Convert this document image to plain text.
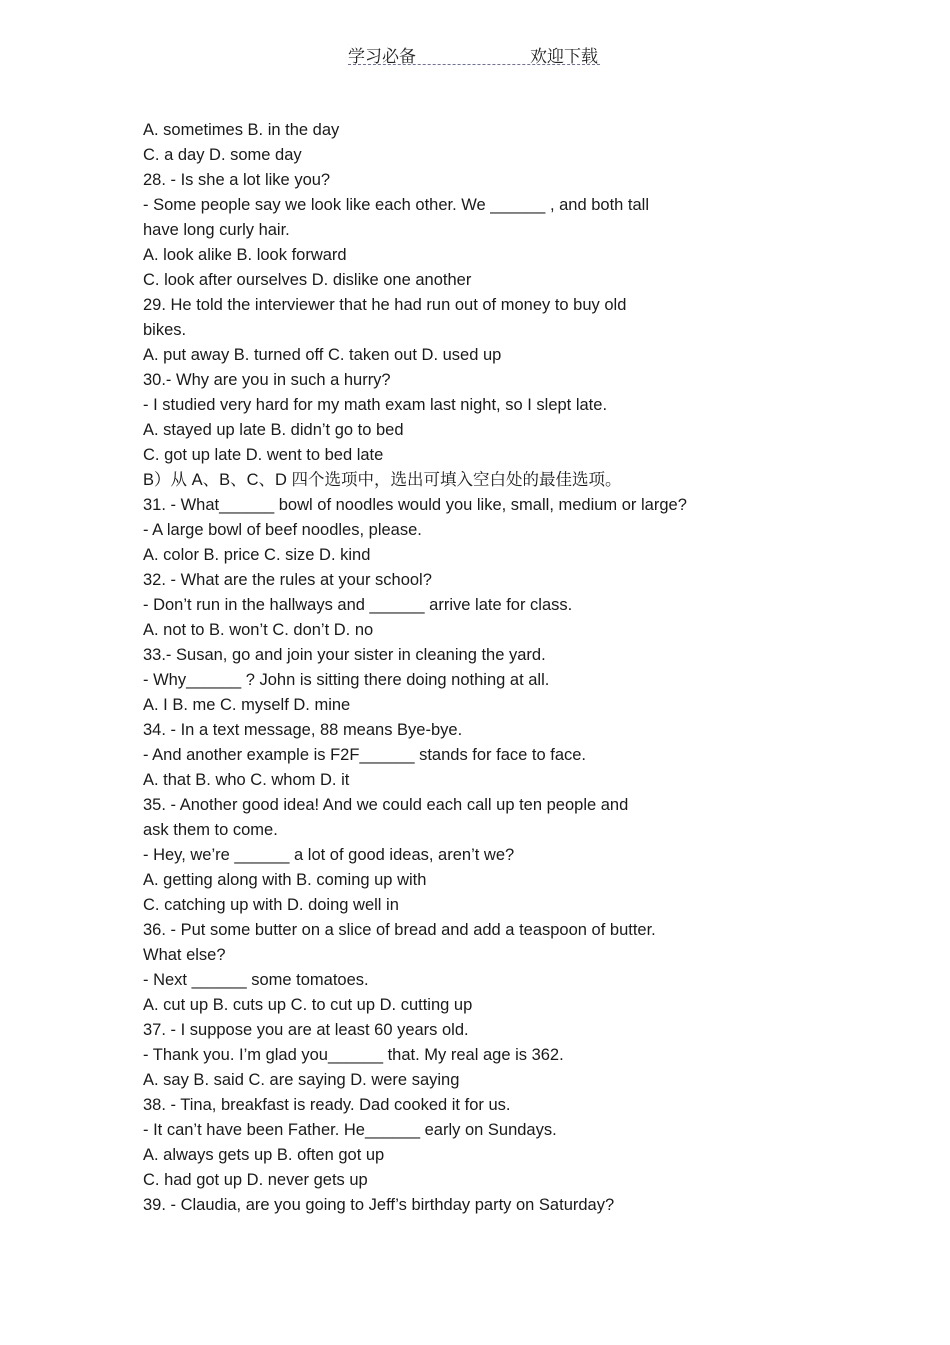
学习必备	欢迎下载
A. sometimes B. in the day
C. a day D. some day
28. - Is she a lot like you?
- Some people say we look like each other. We ______ , and both tall
have long curly hair.
A. look alike B. look forward
C. look after ourselves D. dislike one another
29. He told the interviewer that he had run out of money to buy old
bikes.
A. put away B. turned off C. taken out D. used up
30.- Why are you in such a hurry?
- I studied very hard for my math exam last night, so I slept late.
A. stayed up late B. didn’t go to bed
C. got up late D. went to bed late
B）从 A、B、C、D 四个选项中，选出可填入空白处的最佳选项。
31. - What______ bowl of noodles would you like, small, medium or large?
- A large bowl of beef noodles, please.
A. color B. price C. size D. kind
32. - What are the rules at your school?
- Don’t run in the hallways and ______ arrive late for class.
A. not to B. won’t C. don’t D. no
33.- Susan, go and join your sister in cleaning the yard.
- Why______ ? John is sitting there doing nothing at all.
A. I B. me C. myself D. mine
34. - In a text message, 88 means Bye-bye.
- And another example is F2F______ stands for face to face.
A. that B. who C. whom D. it
35. - Another good idea! And we could each call up ten people and
ask them to come.
- Hey, we’re ______ a lot of good ideas, aren’t we?
A. getting along with B. coming up with
C. catching up with D. doing well in
36. - Put some butter on a slice of bread and add a teaspoon of butter.
What else?
- Next ______ some tomatoes.
A. cut up B. cuts up C. to cut up D. cutting up
37. - I suppose you are at least 60 years old.
- Thank you. I’m glad you______ that. My real age is 362.
A. say B. said C. are saying D. were saying
38. - Tina, breakfast is ready. Dad cooked it for us.
- It can’t have been Father. He______ early on Sundays.
A. always gets up B. often got up
C. had got up D. never gets up
39. - Claudia, are you going to Jeff’s birthday party on Saturday?
